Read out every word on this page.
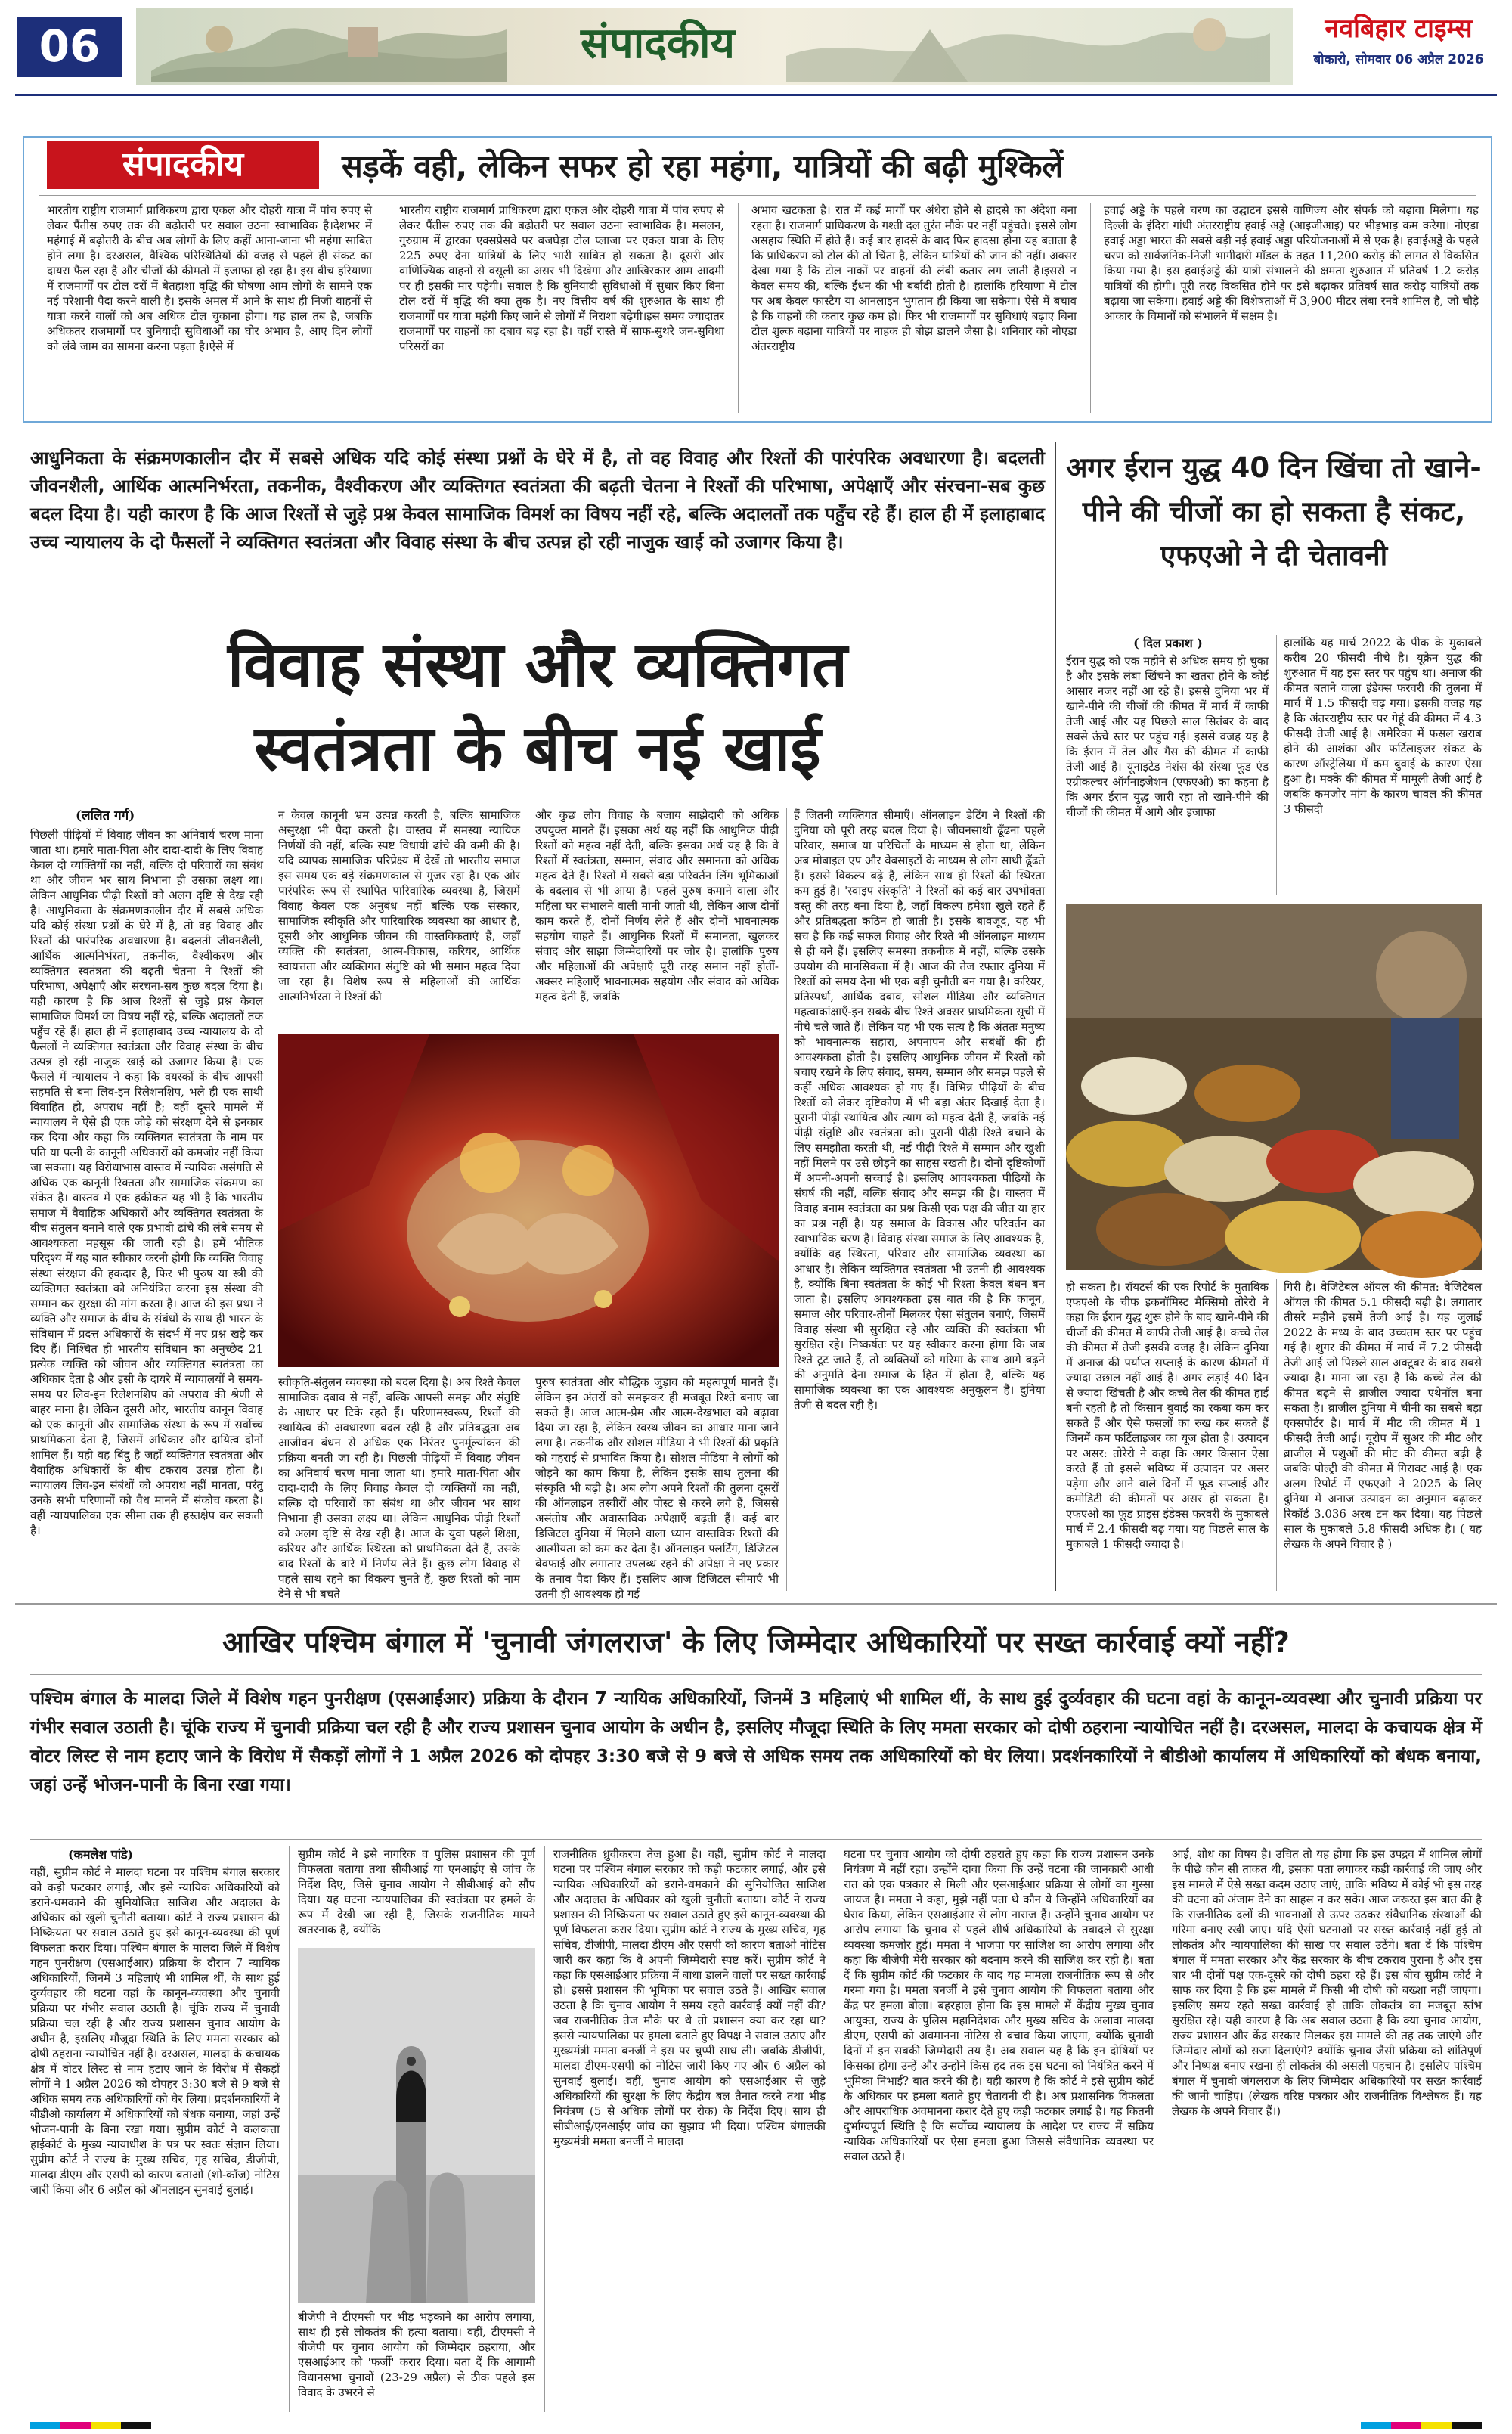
06	संपादकीय	नवबिहार टाइम्स
बोकारो, सोमवार 06 अप्रैल 2026
संपादकीय	सड़कें वही, लेकिन सफर हो रहा महंगा, यात्रियों की बढ़ी मुश्किलें
भारतीय राष्ट्रीय राजमार्ग प्राधिकरण द्वारा एकल और दोहरी यात्रा में पांच रुपए से लेकर पैंतीस रुपए तक की बढ़ोतरी पर सवाल उठना स्वाभाविक है।देशभर में महंगाई में बढ़ोतरी के बीच अब लोगों के लिए कहीं आना-जाना भी महंगा साबित होने लगा है। दरअसल, वैश्विक परिस्थितियों की वजह से पहले ही संकट का दायरा फैल रहा है और चीजों की कीमतों में इजाफा हो रहा है। इस बीच हरियाणा में राजमार्गों पर टोल दरों में बेतहाशा वृद्धि की घोषणा आम लोगों के सामने एक नई परेशानी पैदा करने वाली है। इसके अमल में आने के साथ ही निजी वाहनों से यात्रा करने वालों को अब अधिक टोल चुकाना होगा। यह हाल तब है, जबकि अधिकतर राजमार्गों पर बुनियादी सुविधाओं का घोर अभाव है, आए दिन लोगों को लंबे जाम का सामना करना पड़ता है।ऐसे में
भारतीय राष्ट्रीय राजमार्ग प्राधिकरण द्वारा एकल और दोहरी यात्रा में पांच रुपए से लेकर पैंतीस रुपए तक की बढ़ोतरी पर सवाल उठना स्वाभाविक है। मसलन, गुरुग्राम में द्वारका एक्सप्रेसवे पर बजघेड़ा टोल प्लाजा पर एकल यात्रा के लिए 225 रुपए देना यात्रियों के लिए भारी साबित हो सकता है। दूसरी ओर वाणिज्यिक वाहनों से वसूली का असर भी दिखेगा और आखिरकार आम आदमी पर ही इसकी मार पड़ेगी। सवाल है कि बुनियादी सुविधाओं में सुधार किए बिना टोल दरों में वृद्धि की क्या तुक है। नए वित्तीय वर्ष की शुरुआत के साथ ही राजमार्गों पर यात्रा महंगी किए जाने से लोगों में निराशा बढ़ेगी।इस समय ज्यादातर राजमार्गों पर वाहनों का दबाव बढ़ रहा है। वहीं रास्ते में साफ-सुथरे जन-सुविधा परिसरों का
अभाव खटकता है। रात में कई मार्गों पर अंधेरा होने से हादसे का अंदेशा बना रहता है। राजमार्ग प्राधिकरण के गश्ती दल तुरंत मौके पर नहीं पहुंचते। इससे लोग असहाय स्थिति में होते हैं। कई बार हादसे के बाद फिर हादसा होना यह बताता है कि प्राधिकरण को टोल की तो चिंता है, लेकिन यात्रियों की जान की नहीं। अक्सर देखा गया है कि टोल नाकों पर वाहनों की लंबी कतार लग जाती है।इससे न केवल समय की, बल्कि ईंधन की भी बर्बादी होती है। हालांकि हरियाणा में टोल पर अब केवल फास्टैग या आनलाइन भुगतान ही किया जा सकेगा। ऐसे में बचाव है कि वाहनों की कतार कुछ कम हो। फिर भी राजमार्गों पर सुविधाएं बढ़ाए बिना टोल शुल्क बढ़ाना यात्रियों पर नाहक ही बोझ डालने जैसा है। शनिवार को नोएडा अंतरराष्ट्रीय
हवाई अड्डे के पहले चरण का उद्घाटन इससे वाणिज्य और संपर्क को बढ़ावा मिलेगा। यह दिल्ली के इंदिरा गांधी अंतरराष्ट्रीय हवाई अड्डे (आइजीआइ) पर भीड़भाड़ कम करेगा। नोएडा हवाई अड्डा भारत की सबसे बड़ी नई हवाई अड्डा परियोजनाओं में से एक है। हवाईअड्डे के पहले चरण को सार्वजनिक-निजी भागीदारी मॉडल के तहत 11,200 करोड़ की लागत से विकसित किया गया है। इस हवाईअड्डे की यात्री संभालने की क्षमता शुरुआत में प्रतिवर्ष 1.2 करोड़ यात्रियों की होगी। पूरी तरह विकसित होने पर इसे बढ़ाकर प्रतिवर्ष सात करोड़ यात्रियों तक बढ़ाया जा सकेगा। हवाई अड्डे की विशेषताओं में 3,900 मीटर लंबा रनवे शामिल है, जो चौड़े आकार के विमानों को संभालने में सक्षम है।
आधुनिकता के संक्रमणकालीन दौर में सबसे अधिक यदि कोई संस्था प्रश्नों के घेरे में है, तो वह विवाह और रिश्तों की पारंपरिक अवधारणा है। बदलती जीवनशैली, आर्थिक आत्मनिर्भरता, तकनीक, वैश्वीकरण और व्यक्तिगत स्वतंत्रता की बढ़ती चेतना ने रिश्तों की परिभाषा, अपेक्षाएँ और संरचना-सब कुछ बदल दिया है। यही कारण है कि आज रिश्तों से जुड़े प्रश्न केवल सामाजिक विमर्श का विषय नहीं रहे, बल्कि अदालतों तक पहुँच रहे हैं। हाल ही में इलाहाबाद उच्च न्यायालय के दो फैसलों ने व्यक्तिगत स्वतंत्रता और विवाह संस्था के बीच उत्पन्न हो रही नाजुक खाई को उजागर किया है।
विवाह संस्था और व्यक्तिगत
स्वतंत्रता के बीच नई खाई
(ललित गर्ग)
पिछली पीढ़ियों में विवाह जीवन का अनिवार्य चरण माना जाता था। हमारे माता-पिता और दादा-दादी के लिए विवाह केवल दो व्यक्तियों का नहीं, बल्कि दो परिवारों का संबंध था और जीवन भर साथ निभाना ही उसका लक्ष्य था। लेकिन आधुनिक पीढ़ी रिश्तों को अलग दृष्टि से देख रही है। आधुनिकता के संक्रमणकालीन दौर में सबसे अधिक यदि कोई संस्था प्रश्नों के घेरे में है, तो वह विवाह और रिश्तों की पारंपरिक अवधारणा है। बदलती जीवनशैली, आर्थिक आत्मनिर्भरता, तकनीक, वैश्वीकरण और व्यक्तिगत स्वतंत्रता की बढ़ती चेतना ने रिश्तों की परिभाषा, अपेक्षाएँ और संरचना-सब कुछ बदल दिया है। यही कारण है कि आज रिश्तों से जुड़े प्रश्न केवल सामाजिक विमर्श का विषय नहीं रहे, बल्कि अदालतों तक पहुँच रहे हैं। हाल ही में इलाहाबाद उच्च न्यायालय के दो फैसलों ने व्यक्तिगत स्वतंत्रता और विवाह संस्था के बीच उत्पन्न हो रही नाजुक खाई को उजागर किया है। एक फैसले में न्यायालय ने कहा कि वयस्कों के बीच आपसी सहमति से बना लिव-इन रिलेशनशिप, भले ही एक साथी विवाहित हो, अपराध नहीं है; वहीं दूसरे मामले में न्यायालय ने ऐसे ही एक जोड़े को संरक्षण देने से इनकार कर दिया और कहा कि व्यक्तिगत स्वतंत्रता के नाम पर पति या पत्नी के कानूनी अधिकारों को कमजोर नहीं किया जा सकता। यह विरोधाभास वास्तव में न्यायिक असंगति से अधिक एक कानूनी रिक्तता और सामाजिक संक्रमण का संकेत है। वास्तव में एक हकीकत यह भी है कि भारतीय समाज में वैवाहिक अधिकारों और व्यक्तिगत स्वतंत्रता के बीच संतुलन बनाने वाले एक प्रभावी ढांचे की लंबे समय से आवश्यकता महसूस की जाती रही है। हमें भौतिक परिदृश्य में यह बात स्वीकार करनी होगी कि व्यक्ति विवाह संस्था संरक्षण की हकदार है, फिर भी पुरुष या स्त्री की व्यक्तिगत स्वतंत्रता को अनियंत्रित करना इस संस्था की सम्मान कर सुरक्षा की मांग करता है। आज की इस प्रथा ने व्यक्ति और समाज के बीच के संबंधों के साथ ही भारत के संविधान में प्रदत्त अधिकारों के संदर्भ में नए प्रश्न खड़े कर दिए हैं। निश्चित ही भारतीय संविधान का अनुच्छेद 21 प्रत्येक व्यक्ति को जीवन और व्यक्तिगत स्वतंत्रता का अधिकार देता है और इसी के दायरे में न्यायालयों ने समय-समय पर लिव-इन रिलेशनशिप को अपराध की श्रेणी से बाहर माना है। लेकिन दूसरी ओर, भारतीय कानून विवाह को एक कानूनी और सामाजिक संस्था के रूप में सर्वोच्च प्राथमिकता देता है, जिसमें अधिकार और दायित्व दोनों शामिल हैं। यही वह बिंदु है जहाँ व्यक्तिगत स्वतंत्रता और वैवाहिक अधिकारों के बीच टकराव उत्पन्न होता है। न्यायालय लिव-इन संबंधों को अपराध नहीं मानता, परंतु उनके सभी परिणामों को वैध मानने में संकोच करता है। वहीं न्यायपालिका एक सीमा तक ही हस्तक्षेप कर सकती है।
न केवल कानूनी भ्रम उत्पन्न करती है, बल्कि सामाजिक असुरक्षा भी पैदा करती है। वास्तव में समस्या न्यायिक निर्णयों की नहीं, बल्कि स्पष्ट विधायी ढांचे की कमी की है। यदि व्यापक सामाजिक परिप्रेक्ष्य में देखें तो भारतीय समाज इस समय एक बड़े संक्रमणकाल से गुजर रहा है। एक ओर पारंपरिक रूप से स्थापित पारिवारिक व्यवस्था है, जिसमें विवाह केवल एक अनुबंध नहीं बल्कि एक संस्कार, सामाजिक स्वीकृति और पारिवारिक व्यवस्था का आधार है, दूसरी ओर आधुनिक जीवन की वास्तविकताएं हैं, जहाँ व्यक्ति की स्वतंत्रता, आत्म-विकास, करियर, आर्थिक स्वायत्तता और व्यक्तिगत संतुष्टि को भी समान महत्व दिया जा रहा है। विशेष रूप से महिलाओं की आर्थिक आत्मनिर्भरता ने रिश्तों की
और कुछ लोग विवाह के बजाय साझेदारी को अधिक उपयुक्त मानते हैं। इसका अर्थ यह नहीं कि आधुनिक पीढ़ी रिश्तों को महत्व नहीं देती, बल्कि इसका अर्थ यह है कि वे रिश्तों में स्वतंत्रता, सम्मान, संवाद और समानता को अधिक महत्व देते हैं। रिश्तों में सबसे बड़ा परिवर्तन लिंग भूमिकाओं के बदलाव से भी आया है। पहले पुरुष कमाने वाला और महिला घर संभालने वाली मानी जाती थी, लेकिन आज दोनों काम करते हैं, दोनों निर्णय लेते हैं और दोनों भावनात्मक सहयोग चाहते हैं। आधुनिक रिश्तों में समानता, खुलकर संवाद और साझा जिम्मेदारियों पर जोर है। हालांकि पुरुष और महिलाओं की अपेक्षाएँ पूरी तरह समान नहीं होतीं-अक्सर महिलाएँ भावनात्मक सहयोग और संवाद को अधिक महत्व देती हैं, जबकि
स्वीकृति-संतुलन व्यवस्था को बदल दिया है। अब रिश्ते केवल सामाजिक दबाव से नहीं, बल्कि आपसी समझ और संतुष्टि के आधार पर टिके रहते हैं। परिणामस्वरूप, रिश्तों की स्थायित्व की अवधारणा बदल रही है और प्रतिबद्धता अब आजीवन बंधन से अधिक एक निरंतर पुनर्मूल्यांकन की प्रक्रिया बनती जा रही है। पिछली पीढ़ियों में विवाह जीवन का अनिवार्य चरण माना जाता था। हमारे माता-पिता और दादा-दादी के लिए विवाह केवल दो व्यक्तियों का नहीं, बल्कि दो परिवारों का संबंध था और जीवन भर साथ निभाना ही उसका लक्ष्य था। लेकिन आधुनिक पीढ़ी रिश्तों को अलग दृष्टि से देख रही है। आज के युवा पहले शिक्षा, करियर और आर्थिक स्थिरता को प्राथमिकता देते हैं, उसके बाद रिश्तों के बारे में निर्णय लेते हैं। कुछ लोग विवाह से पहले साथ रहने का विकल्प चुनते हैं, कुछ रिश्तों को नाम देने से भी बचते
पुरुष स्वतंत्रता और बौद्धिक जुड़ाव को महत्वपूर्ण मानते हैं। लेकिन इन अंतरों को समझकर ही मजबूत रिश्ते बनाए जा सकते हैं। आज आत्म-प्रेम और आत्म-देखभाल को बढ़ावा दिया जा रहा है, लेकिन स्वस्थ जीवन का आधार माना जाने लगा है। तकनीक और सोशल मीडिया ने भी रिश्तों की प्रकृति को गहराई से प्रभावित किया है। सोशल मीडिया ने लोगों को जोड़ने का काम किया है, लेकिन इसके साथ तुलना की संस्कृति भी बढ़ी है। अब लोग अपने रिश्तों की तुलना दूसरों की ऑनलाइन तस्वीरों और पोस्ट से करने लगे हैं, जिससे असंतोष और अवास्तविक अपेक्षाएँ बढ़ती हैं। कई बार डिजिटल दुनिया में मिलने वाला ध्यान वास्तविक रिश्तों की आत्मीयता को कम कर देता है। ऑनलाइन फ्लर्टिंग, डिजिटल बेवफाई और लगातार उपलब्ध रहने की अपेक्षा ने नए प्रकार के तनाव पैदा किए हैं। इसलिए आज डिजिटल सीमाएँ भी उतनी ही आवश्यक हो गई
हैं जितनी व्यक्तिगत सीमाएँ। ऑनलाइन डेटिंग ने रिश्तों की दुनिया को पूरी तरह बदल दिया है। जीवनसाथी ढूँढना पहले परिवार, समाज या परिचितों के माध्यम से होता था, लेकिन अब मोबाइल एप और वेबसाइटों के माध्यम से लोग साथी ढूँढते हैं। इससे विकल्प बढ़े हैं, लेकिन साथ ही रिश्तों की स्थिरता कम हुई है। 'स्वाइप संस्कृति' ने रिश्तों को कई बार उपभोक्ता वस्तु की तरह बना दिया है, जहाँ विकल्प हमेशा खुले रहते हैं और प्रतिबद्धता कठिन हो जाती है। इसके बावजूद, यह भी सच है कि कई सफल विवाह और रिश्ते भी ऑनलाइन माध्यम से ही बने हैं। इसलिए समस्या तकनीक में नहीं, बल्कि उसके उपयोग की मानसिकता में है। आज की तेज रफ्तार दुनिया में रिश्तों को समय देना भी एक बड़ी चुनौती बन गया है। करियर, प्रतिस्पर्धा, आर्थिक दबाव, सोशल मीडिया और व्यक्तिगत महत्वाकांक्षाएँ-इन सबके बीच रिश्ते अक्सर प्राथमिकता सूची में नीचे चले जाते हैं। लेकिन यह भी एक सत्य है कि अंततः मनुष्य को भावनात्मक सहारा, अपनापन और संबंधों की ही आवश्यकता होती है। इसलिए आधुनिक जीवन में रिश्तों को बचाए रखने के लिए संवाद, समय, सम्मान और समझ पहले से कहीं अधिक आवश्यक हो गए हैं। विभिन्न पीढ़ियों के बीच रिश्तों को लेकर दृष्टिकोण में भी बड़ा अंतर दिखाई देता है। पुरानी पीढ़ी स्थायित्व और त्याग को महत्व देती है, जबकि नई पीढ़ी संतुष्टि और स्वतंत्रता को। पुरानी पीढ़ी रिश्ते बचाने के लिए समझौता करती थी, नई पीढ़ी रिश्ते में सम्मान और खुशी नहीं मिलने पर उसे छोड़ने का साहस रखती है। दोनों दृष्टिकोणों में अपनी-अपनी सच्चाई है। इसलिए आवश्यकता पीढ़ियों के संघर्ष की नहीं, बल्कि संवाद और समझ की है। वास्तव में विवाह बनाम स्वतंत्रता का प्रश्न किसी एक पक्ष की जीत या हार का प्रश्न नहीं है। यह समाज के विकास और परिवर्तन का स्वाभाविक चरण है। विवाह संस्था समाज के लिए आवश्यक है, क्योंकि वह स्थिरता, परिवार और सामाजिक व्यवस्था का आधार है। लेकिन व्यक्तिगत स्वतंत्रता भी उतनी ही आवश्यक है, क्योंकि बिना स्वतंत्रता के कोई भी रिश्ता केवल बंधन बन जाता है। इसलिए आवश्यकता इस बात की है कि कानून, समाज और परिवार-तीनों मिलकर ऐसा संतुलन बनाएं, जिसमें विवाह संस्था भी सुरक्षित रहे और व्यक्ति की स्वतंत्रता भी सुरक्षित रहे। निष्कर्षतः पर यह स्वीकार करना होगा कि जब रिश्ते टूट जाते हैं, तो व्यक्तियों को गरिमा के साथ आगे बढ़ने की अनुमति देना समाज के हित में होता है, बल्कि यह सामाजिक व्यवस्था का एक आवश्यक अनुकूलन है। दुनिया तेजी से बदल रही है।
अगर ईरान युद्ध 40 दिन खिंचा तो खाने-पीने की चीजों का हो सकता है संकट, एफएओ ने दी चेतावनी
( दिल प्रकाश )
ईरान युद्ध को एक महीने से अधिक समय हो चुका है और इसके लंबा खिंचने का खतरा होने के कोई आसार नजर नहीं आ रहे हैं। इससे दुनिया भर में खाने-पीने की चीजों की कीमत में मार्च में काफी तेजी आई और यह पिछले साल सितंबर के बाद सबसे ऊंचे स्तर पर पहुंच गई। इससे वजह यह है कि ईरान में तेल और गैस की कीमत में काफी तेजी आई है। यूनाइटेड नेशंस की संस्था फूड एंड एग्रीकल्चर ऑर्गनाइजेशन (एफएओ) का कहना है कि अगर ईरान युद्ध जारी रहा तो खाने-पीने की चीजों की कीमत में आगे और इजाफा
हालांकि यह मार्च 2022 के पीक के मुकाबले करीब 20 फीसदी नीचे है। यूक्रेन युद्ध की शुरुआत में यह इस स्तर पर पहुंच था। अनाज की कीमत बताने वाला इंडेक्स फरवरी की तुलना में मार्च में 1.5 फीसदी चढ़ गया। इसकी वजह यह है कि अंतरराष्ट्रीय स्तर पर गेहूं की कीमत में 4.3 फीसदी तेजी आई है। अमेरिका में फसल खराब होने की आशंका और फर्टिलाइजर संकट के कारण ऑस्ट्रेलिया में कम बुवाई के कारण ऐसा हुआ है। मक्के की कीमत में मामूली तेजी आई है जबकि कमजोर मांग के कारण चावल की कीमत 3 फीसदी
हो सकता है। रॉयटर्स की एक रिपोर्ट के मुताबिक एफएओ के चीफ इकनॉमिस्ट मैक्सिमो तोरेरो ने कहा कि ईरान युद्ध शुरू होने के बाद खाने-पीने की चीजों की कीमत में काफी तेजी आई है। कच्चे तेल की कीमत में तेजी इसकी वजह है। लेकिन दुनिया में अनाज की पर्याप्त सप्लाई के कारण कीमतों में ज्यादा उछाल नहीं आई है। अगर लड़ाई 40 दिन से ज्यादा खिंचती है और कच्चे तेल की कीमत हाई बनी रहती है तो किसान बुवाई का रकबा कम कर सकते हैं और ऐसे फसलों का रुख कर सकते हैं जिनमें कम फर्टिलाइजर का यूज होता है। उत्पादन पर असर: तोरेरो ने कहा कि अगर किसान ऐसा करते हैं तो इससे भविष्य में उत्पादन पर असर पड़ेगा और आने वाले दिनों में फूड सप्लाई और कमोडिटी की कीमतों पर असर हो सकता है। एफएओ का फूड प्राइस इंडेक्स फरवरी के मुकाबले मार्च में 2.4 फीसदी बढ़ गया। यह पिछले साल के मुकाबले 1 फीसदी ज्यादा है।
गिरी है। वेजिटेबल ऑयल की कीमत: वेजिटेबल ऑयल की कीमत 5.1 फीसदी बढ़ी है। लगातार तीसरे महीने इसमें तेजी आई है। यह जुलाई 2022 के मध्य के बाद उच्चतम स्तर पर पहुंच गई है। शुगर की कीमत में मार्च में 7.2 फीसदी तेजी आई जो पिछले साल अक्टूबर के बाद सबसे ज्यादा है। माना जा रहा है कि कच्चे तेल की कीमत बढ़ने से ब्राजील ज्यादा एथेनॉल बना सकता है। ब्राजील दुनिया में चीनी का सबसे बड़ा एक्सपोर्टर है। मार्च में मीट की कीमत में 1 फीसदी तेजी आई। यूरोप में सुअर की मीट और ब्राजील में पशुओं की मीट की कीमत बढ़ी है जबकि पोल्ट्री की कीमत में गिरावट आई है। एक अलग रिपोर्ट में एफएओ ने 2025 के लिए दुनिया में अनाज उत्पादन का अनुमान बढ़ाकर रिकॉर्ड 3.036 अरब टन कर दिया। यह पिछले साल के मुकाबले 5.8 फीसदी अधिक है। ( यह लेखक के अपने विचार है )
आखिर पश्चिम बंगाल में 'चुनावी जंगलराज' के लिए जिम्मेदार अधिकारियों पर सख्त कार्रवाई क्यों नहीं?
पश्चिम बंगाल के मालदा जिले में विशेष गहन पुनरीक्षण (एसआईआर) प्रक्रिया के दौरान 7 न्यायिक अधिकारियों, जिनमें 3 महिलाएं भी शामिल थीं, के साथ हुई दुर्व्यवहार की घटना वहां के कानून-व्यवस्था और चुनावी प्रक्रिया पर गंभीर सवाल उठाती है। चूंकि राज्य में चुनावी प्रक्रिया चल रही है और राज्य प्रशासन चुनाव आयोग के अधीन है, इसलिए मौजूदा स्थिति के लिए ममता सरकार को दोषी ठहराना न्यायोचित नहीं है। दरअसल, मालदा के कचायक क्षेत्र में वोटर लिस्ट से नाम हटाए जाने के विरोध में सैकड़ों लोगों ने 1 अप्रैल 2026 को दोपहर 3:30 बजे से 9 बजे से अधिक समय तक अधिकारियों को घेर लिया। प्रदर्शनकारियों ने बीडीओ कार्यालय में अधिकारियों को बंधक बनाया, जहां उन्हें भोजन-पानी के बिना रखा गया।
(कमलेश पांडे)
वहीं, सुप्रीम कोर्ट ने मालदा घटना पर पश्चिम बंगाल सरकार को कड़ी फटकार लगाई, और इसे न्यायिक अधिकारियों को डराने-धमकाने की सुनियोजित साजिश और अदालत के अधिकार को खुली चुनौती बताया। कोर्ट ने राज्य प्रशासन की निष्क्रियता पर सवाल उठाते हुए इसे कानून-व्यवस्था की पूर्ण विफलता करार दिया। पश्चिम बंगाल के मालदा जिले में विशेष गहन पुनरीक्षण (एसआईआर) प्रक्रिया के दौरान 7 न्यायिक अधिकारियों, जिनमें 3 महिलाएं भी शामिल थीं, के साथ हुई दुर्व्यवहार की घटना वहां के कानून-व्यवस्था और चुनावी प्रक्रिया पर गंभीर सवाल उठाती है। चूंकि राज्य में चुनावी प्रक्रिया चल रही है और राज्य प्रशासन चुनाव आयोग के अधीन है, इसलिए मौजूदा स्थिति के लिए ममता सरकार को दोषी ठहराना न्यायोचित नहीं है। दरअसल, मालदा के कचायक क्षेत्र में वोटर लिस्ट से नाम हटाए जाने के विरोध में सैकड़ों लोगों ने 1 अप्रैल 2026 को दोपहर 3:30 बजे से 9 बजे से अधिक समय तक अधिकारियों को घेर लिया। प्रदर्शनकारियों ने बीडीओ कार्यालय में अधिकारियों को बंधक बनाया, जहां उन्हें भोजन-पानी के बिना रखा गया। सुप्रीम कोर्ट ने कलकत्ता हाईकोर्ट के मुख्य न्यायाधीश के पत्र पर स्वतः संज्ञान लिया। सुप्रीम कोर्ट ने राज्य के मुख्य सचिव, गृह सचिव, डीजीपी, मालदा डीएम और एसपी को कारण बताओ (शो-कॉज) नोटिस जारी किया और 6 अप्रैल को ऑनलाइन सुनवाई बुलाई।
सुप्रीम कोर्ट ने इसे नागरिक व पुलिस प्रशासन की पूर्ण विफलता बताया तथा सीबीआई या एनआईए से जांच के निर्देश दिए, जिसे चुनाव आयोग ने सीबीआई को सौंप दिया। यह घटना न्यायपालिका की स्वतंत्रता पर हमले के रूप में देखी जा रही है, जिसके राजनीतिक मायने खतरनाक हैं, क्योंकि
बीजेपी ने टीएमसी पर भीड़ भड़काने का आरोप लगाया, साथ ही इसे लोकतंत्र की हत्या बताया। वहीं, टीएमसी ने बीजेपी पर चुनाव आयोग को जिम्मेदार ठहराया, और एसआईआर को 'फर्जी' करार दिया। बता दें कि आगामी विधानसभा चुनावों (23-29 अप्रैल) से ठीक पहले इस विवाद के उभरने से
राजनीतिक ध्रुवीकरण तेज हुआ है। वहीं, सुप्रीम कोर्ट ने मालदा घटना पर पश्चिम बंगाल सरकार को कड़ी फटकार लगाई, और इसे न्यायिक अधिकारियों को डराने-धमकाने की सुनियोजित साजिश और अदालत के अधिकार को खुली चुनौती बताया। कोर्ट ने राज्य प्रशासन की निष्क्रियता पर सवाल उठाते हुए इसे कानून-व्यवस्था की पूर्ण विफलता करार दिया। सुप्रीम कोर्ट ने राज्य के मुख्य सचिव, गृह सचिव, डीजीपी, मालदा डीएम और एसपी को कारण बताओ नोटिस जारी कर कहा कि वे अपनी जिम्मेदारी स्पष्ट करें। सुप्रीम कोर्ट ने कहा कि एसआईआर प्रक्रिया में बाधा डालने वालों पर सख्त कार्रवाई हो। इससे प्रशासन की भूमिका पर सवाल उठते हैं। आखिर सवाल उठता है कि चुनाव आयोग ने समय रहते कार्रवाई क्यों नहीं की? जब राजनीतिक तेज मौके पर थे तो प्रशासन क्या कर रहा था? इससे न्यायपालिका पर हमला बताते हुए विपक्ष ने सवाल उठाए और मुख्यमंत्री ममता बनर्जी ने इस पर चुप्पी साध ली। जबकि डीजीपी, मालदा डीएम-एसपी को नोटिस जारी किए गए और 6 अप्रैल को सुनवाई बुलाई। वहीं, चुनाव आयोग को एसआईआर से जुड़े अधिकारियों की सुरक्षा के लिए केंद्रीय बल तैनात करने तथा भीड़ नियंत्रण (5 से अधिक लोगों पर रोक) के निर्देश दिए। साथ ही सीबीआई/एनआईए जांच का सुझाव भी दिया। पश्चिम बंगालकी मुख्यमंत्री ममता बनर्जी ने मालदा
घटना पर चुनाव आयोग को दोषी ठहराते हुए कहा कि राज्य प्रशासन उनके नियंत्रण में नहीं रहा। उन्होंने दावा किया कि उन्हें घटना की जानकारी आधी रात को एक पत्रकार से मिली और एसआईआर प्रक्रिया से लोगों का गुस्सा जायज है। ममता ने कहा, मुझे नहीं पता थे कौन ये जिन्होंने अधिकारियों का घेराव किया, लेकिन एसआईआर से लोग नाराज हैं। उन्होंने चुनाव आयोग पर आरोप लगाया कि चुनाव से पहले शीर्ष अधिकारियों के तबादले से सुरक्षा व्यवस्था कमजोर हुई। ममता ने भाजपा पर साजिश का आरोप लगाया और कहा कि बीजेपी मेरी सरकार को बदनाम करने की साजिश कर रही है। बता दें कि सुप्रीम कोर्ट की फटकार के बाद यह मामला राजनीतिक रूप से और गरमा गया है। ममता बनर्जी ने इसे चुनाव आयोग की विफलता बताया और केंद्र पर हमला बोला। बहरहाल होना कि इस मामले में केंद्रीय मुख्य चुनाव आयुक्त, राज्य के पुलिस महानिदेशक और मुख्य सचिव के अलावा मालदा डीएम, एसपी को अवमानना नोटिस से बचाव किया जाएगा, क्योंकि चुनावी दिनों में इन सबकी जिम्मेदारी तय है। अब सवाल यह है कि इन दोषियों पर किसका होगा उन्हें और उन्होंने किस हद तक इस घटना को नियंत्रित करने में भूमिका निभाई? बात करने की है। यही कारण है कि कोर्ट ने इसे सुप्रीम कोर्ट के अधिकार पर हमला बताते हुए चेतावनी दी है। अब प्रशासनिक विफलता और आपराधिक अवमानना करार देते हुए कड़ी फटकार लगाई है। यह कितनी दुर्भाग्यपूर्ण स्थिति है कि सर्वोच्च न्यायालय के आदेश पर राज्य में सक्रिय न्यायिक अधिकारियों पर ऐसा हमला हुआ जिससे संवैधानिक व्यवस्था पर सवाल उठते हैं।
आई, शोध का विषय है। उचित तो यह होगा कि इस उपद्रव में शामिल लोगों के पीछे कौन सी ताकत थी, इसका पता लगाकर कड़ी कार्रवाई की जाए और इस मामले में ऐसे सख्त कदम उठाए जाएं, ताकि भविष्य में कोई भी इस तरह की घटना को अंजाम देने का साहस न कर सके। आज जरूरत इस बात की है कि राजनीतिक दलों की भावनाओं से ऊपर उठकर संवैधानिक संस्थाओं की गरिमा बनाए रखी जाए। यदि ऐसी घटनाओं पर सख्त कार्रवाई नहीं हुई तो लोकतंत्र और न्यायपालिका की साख पर सवाल उठेंगे। बता दें कि पश्चिम बंगाल में ममता सरकार और केंद्र सरकार के बीच टकराव पुराना है और इस बार भी दोनों पक्ष एक-दूसरे को दोषी ठहरा रहे हैं। इस बीच सुप्रीम कोर्ट ने साफ कर दिया है कि इस मामले में किसी भी दोषी को बख्शा नहीं जाएगा। इसलिए समय रहते सख्त कार्रवाई हो ताकि लोकतंत्र का मजबूत स्तंभ सुरक्षित रहे। यही कारण है कि अब सवाल उठता है कि क्या चुनाव आयोग, राज्य प्रशासन और केंद्र सरकार मिलकर इस मामले की तह तक जाएंगे और जिम्मेदार लोगों को सजा दिलाएंगे? क्योंकि चुनाव जैसी प्रक्रिया को शांतिपूर्ण और निष्पक्ष बनाए रखना ही लोकतंत्र की असली पहचान है। इसलिए पश्चिम बंगाल में चुनावी जंगलराज के लिए जिम्मेदार अधिकारियों पर सख्त कार्रवाई की जानी चाहिए। (लेखक वरिष्ठ पत्रकार और राजनीतिक विश्लेषक हैं। यह लेखक के अपने विचार हैं।)
